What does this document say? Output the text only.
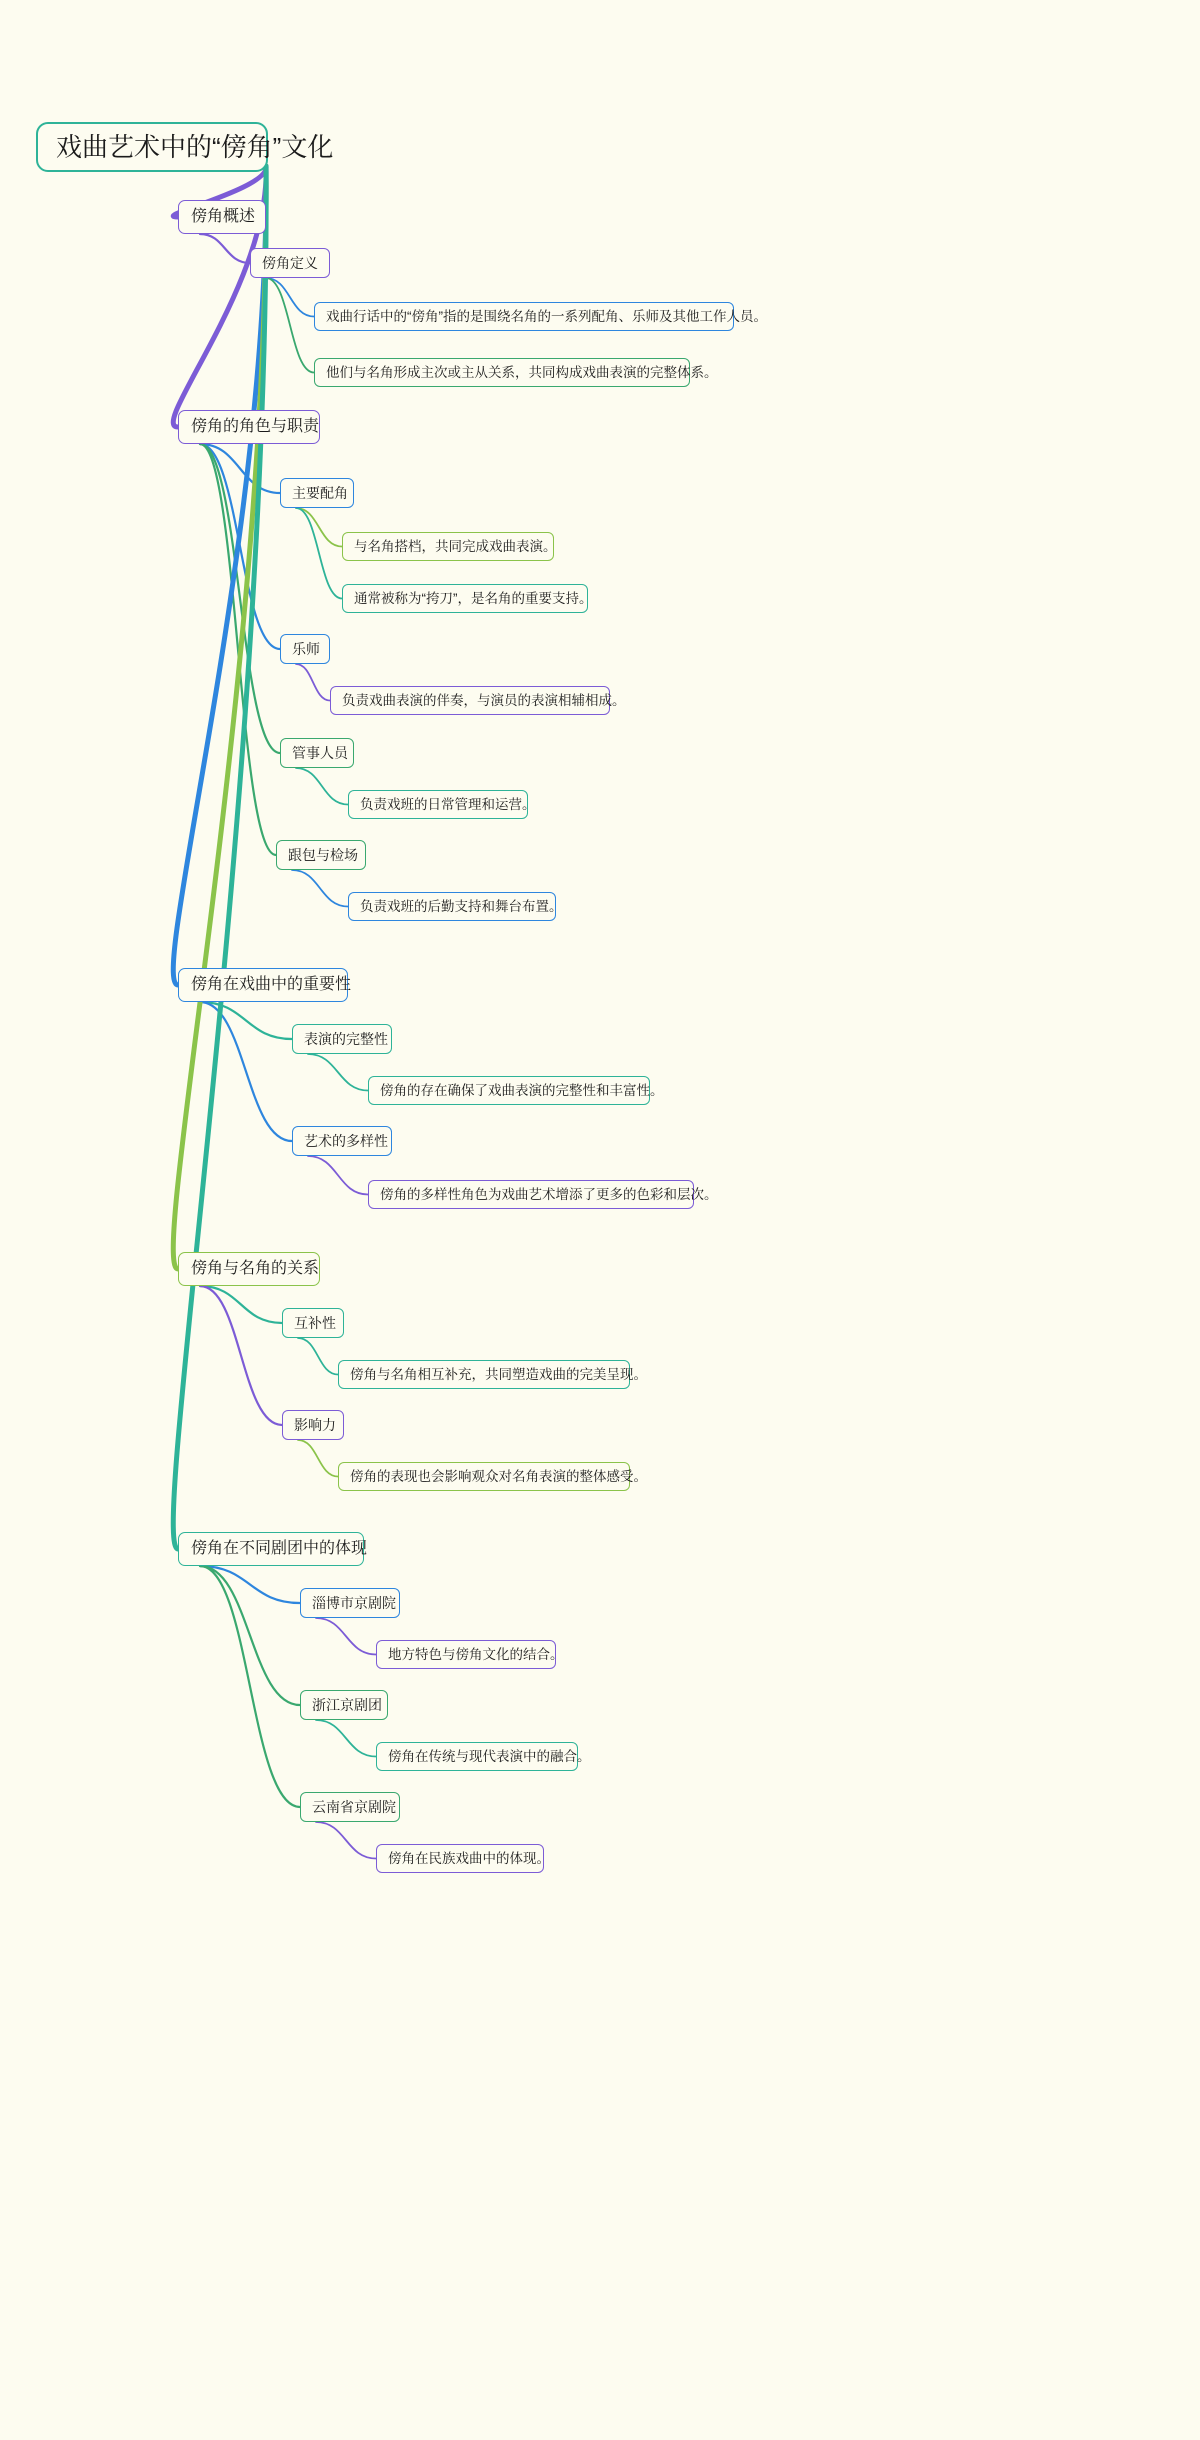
戏曲艺术中的“傍角”文化
傍角概述
傍角定义
戏曲行话中的“傍角”指的是围绕名角的一系列配角、乐师及其他工作人员。
他们与名角形成主次或主从关系，共同构成戏曲表演的完整体系。
傍角的角色与职责
主要配角
与名角搭档，共同完成戏曲表演。
通常被称为“挎刀”，是名角的重要支持。
乐师
负责戏曲表演的伴奏，与演员的表演相辅相成。
管事人员
负责戏班的日常管理和运营。
跟包与检场
负责戏班的后勤支持和舞台布置。
傍角在戏曲中的重要性
表演的完整性
傍角的存在确保了戏曲表演的完整性和丰富性。
艺术的多样性
傍角的多样性角色为戏曲艺术增添了更多的色彩和层次。
傍角与名角的关系
互补性
傍角与名角相互补充，共同塑造戏曲的完美呈现。
影响力
傍角的表现也会影响观众对名角表演的整体感受。
傍角在不同剧团中的体现
淄博市京剧院
地方特色与傍角文化的结合。
浙江京剧团
傍角在传统与现代表演中的融合。
云南省京剧院
傍角在民族戏曲中的体现。
